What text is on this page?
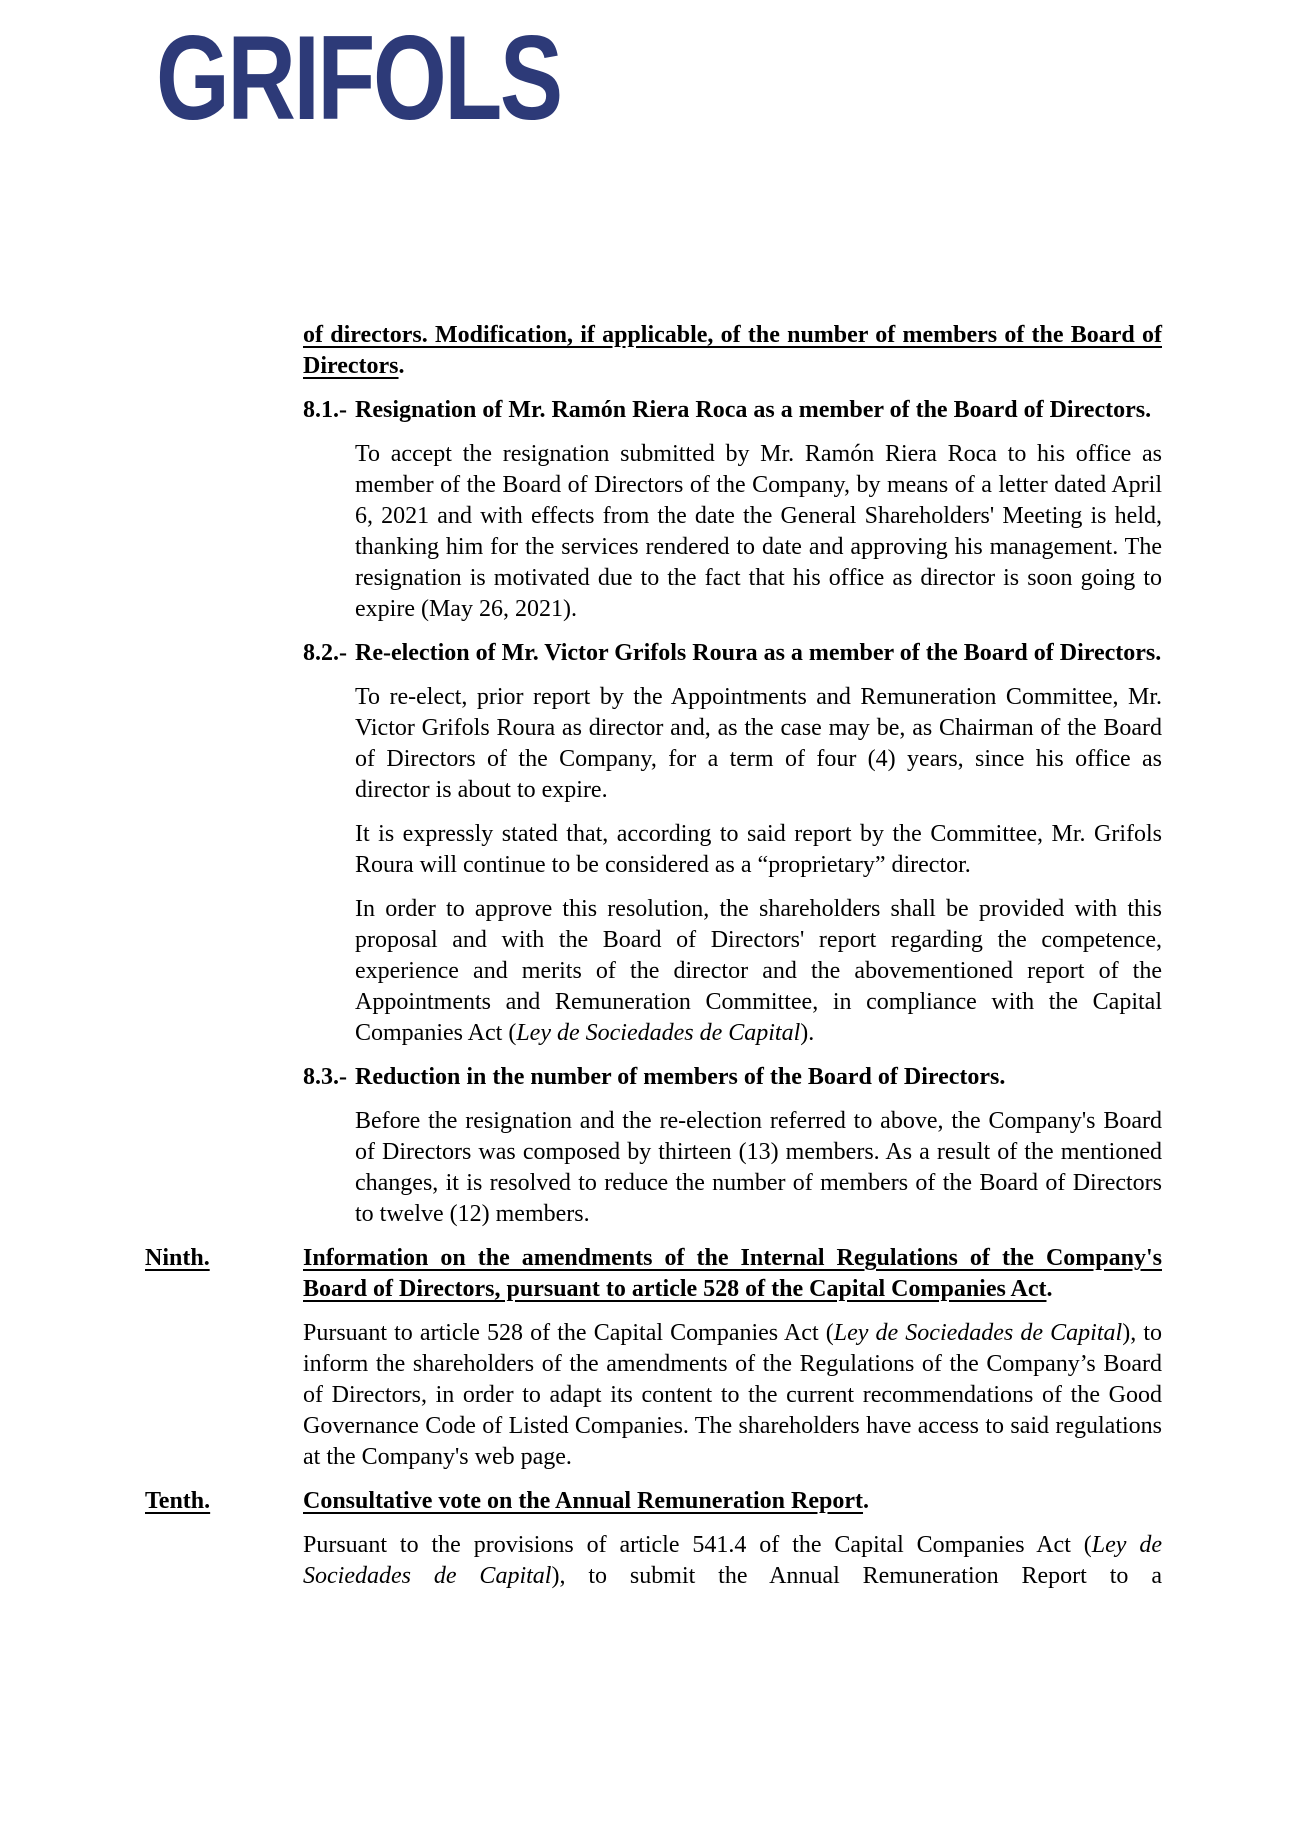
GRIFOLS

of directors. Modification, if applicable, of the number of members of the Board of Directors.

8.1.- Resignation of Mr. Ramón Riera Roca as a member of the Board of Directors.

To accept the resignation submitted by Mr. Ramón Riera Roca to his office as member of the Board of Directors of the Company, by means of a letter dated April 6, 2021 and with effects from the date the General Shareholders' Meeting is held, thanking him for the services rendered to date and approving his management. The resignation is motivated due to the fact that his office as director is soon going to expire (May 26, 2021).

8.2.- Re-election of Mr. Victor Grifols Roura as a member of the Board of Directors.

To re-elect, prior report by the Appointments and Remuneration Committee, Mr. Victor Grifols Roura as director and, as the case may be, as Chairman of the Board of Directors of the Company, for a term of four (4) years, since his office as director is about to expire.

It is expressly stated that, according to said report by the Committee, Mr. Grifols Roura will continue to be considered as a “proprietary” director.

In order to approve this resolution, the shareholders shall be provided with this proposal and with the Board of Directors' report regarding the competence, experience and merits of the director and the abovementioned report of the Appointments and Remuneration Committee, in compliance with the Capital Companies Act (Ley de Sociedades de Capital).

8.3.- Reduction in the number of members of the Board of Directors.

Before the resignation and the re-election referred to above, the Company's Board of Directors was composed by thirteen (13) members. As a result of the mentioned changes, it is resolved to reduce the number of members of the Board of Directors to twelve (12) members.

Ninth.	Information on the amendments of the Internal Regulations of the Company's Board of Directors, pursuant to article 528 of the Capital Companies Act.

Pursuant to article 528 of the Capital Companies Act (Ley de Sociedades de Capital), to inform the shareholders of the amendments of the Regulations of the Company’s Board of Directors, in order to adapt its content to the current recommendations of the Good Governance Code of Listed Companies. The shareholders have access to said regulations at the Company's web page.

Tenth.	Consultative vote on the Annual Remuneration Report.

Pursuant to the provisions of article 541.4 of the Capital Companies Act (Ley de Sociedades de Capital), to submit the Annual Remuneration Report to a
